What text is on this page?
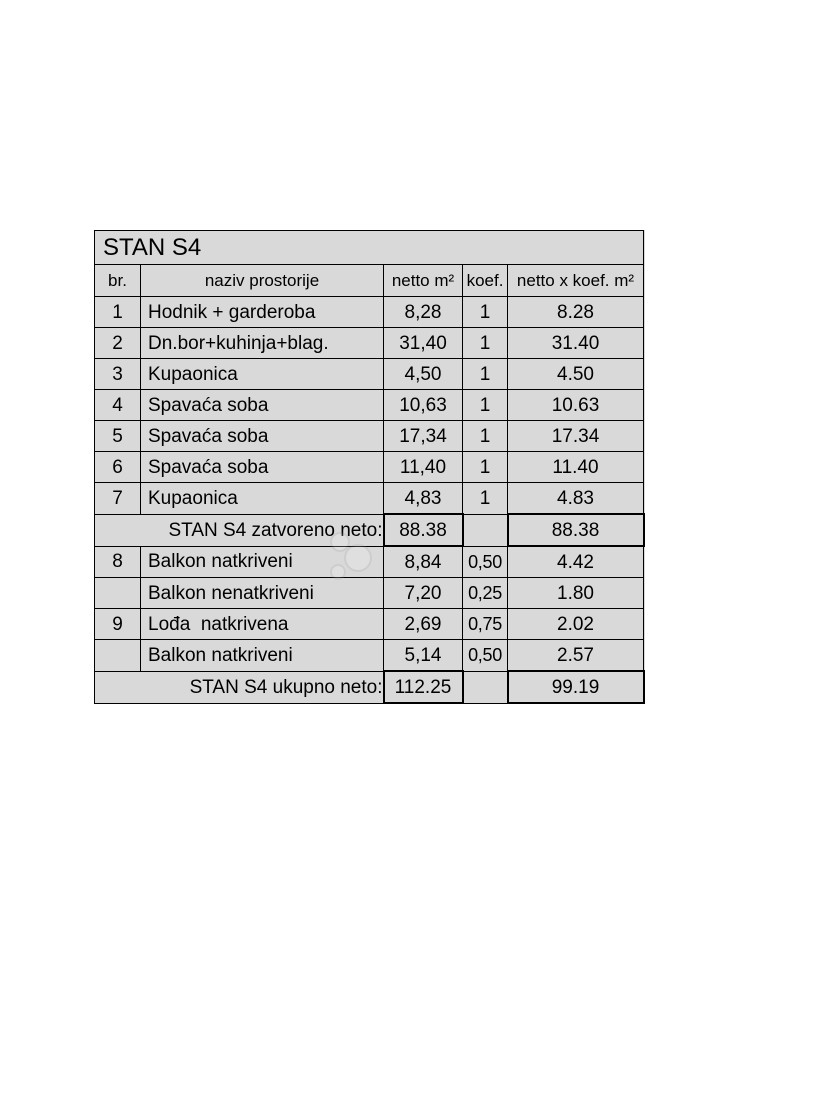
STAN S4				
br.	naziv prostorije	netto m²	koef.	netto x koef. m²
1	Hodnik + garderoba	8,28	1	8.28
2	Dn.bor+kuhinja+blag.	31,40	1	31.40
3	Kupaonica	4,50	1	4.50
4	Spavaća soba	10,63	1	10.63
5	Spavaća soba	17,34	1	17.34
6	Spavaća soba	11,40	1	11.40
7	Kupaonica	4,83	1	4.83
STAN S4 zatvoreno neto:		88.38		88.38
8	Balkon natkriveni	8,84	0,50	4.42
	Balkon nenatkriveni	7,20	0,25	1.80
9	Lođa  natkrivena	2,69	0,75	2.02
	Balkon natkriveni	5,14	0,50	2.57
STAN S4 ukupno neto:		112.25		99.19
